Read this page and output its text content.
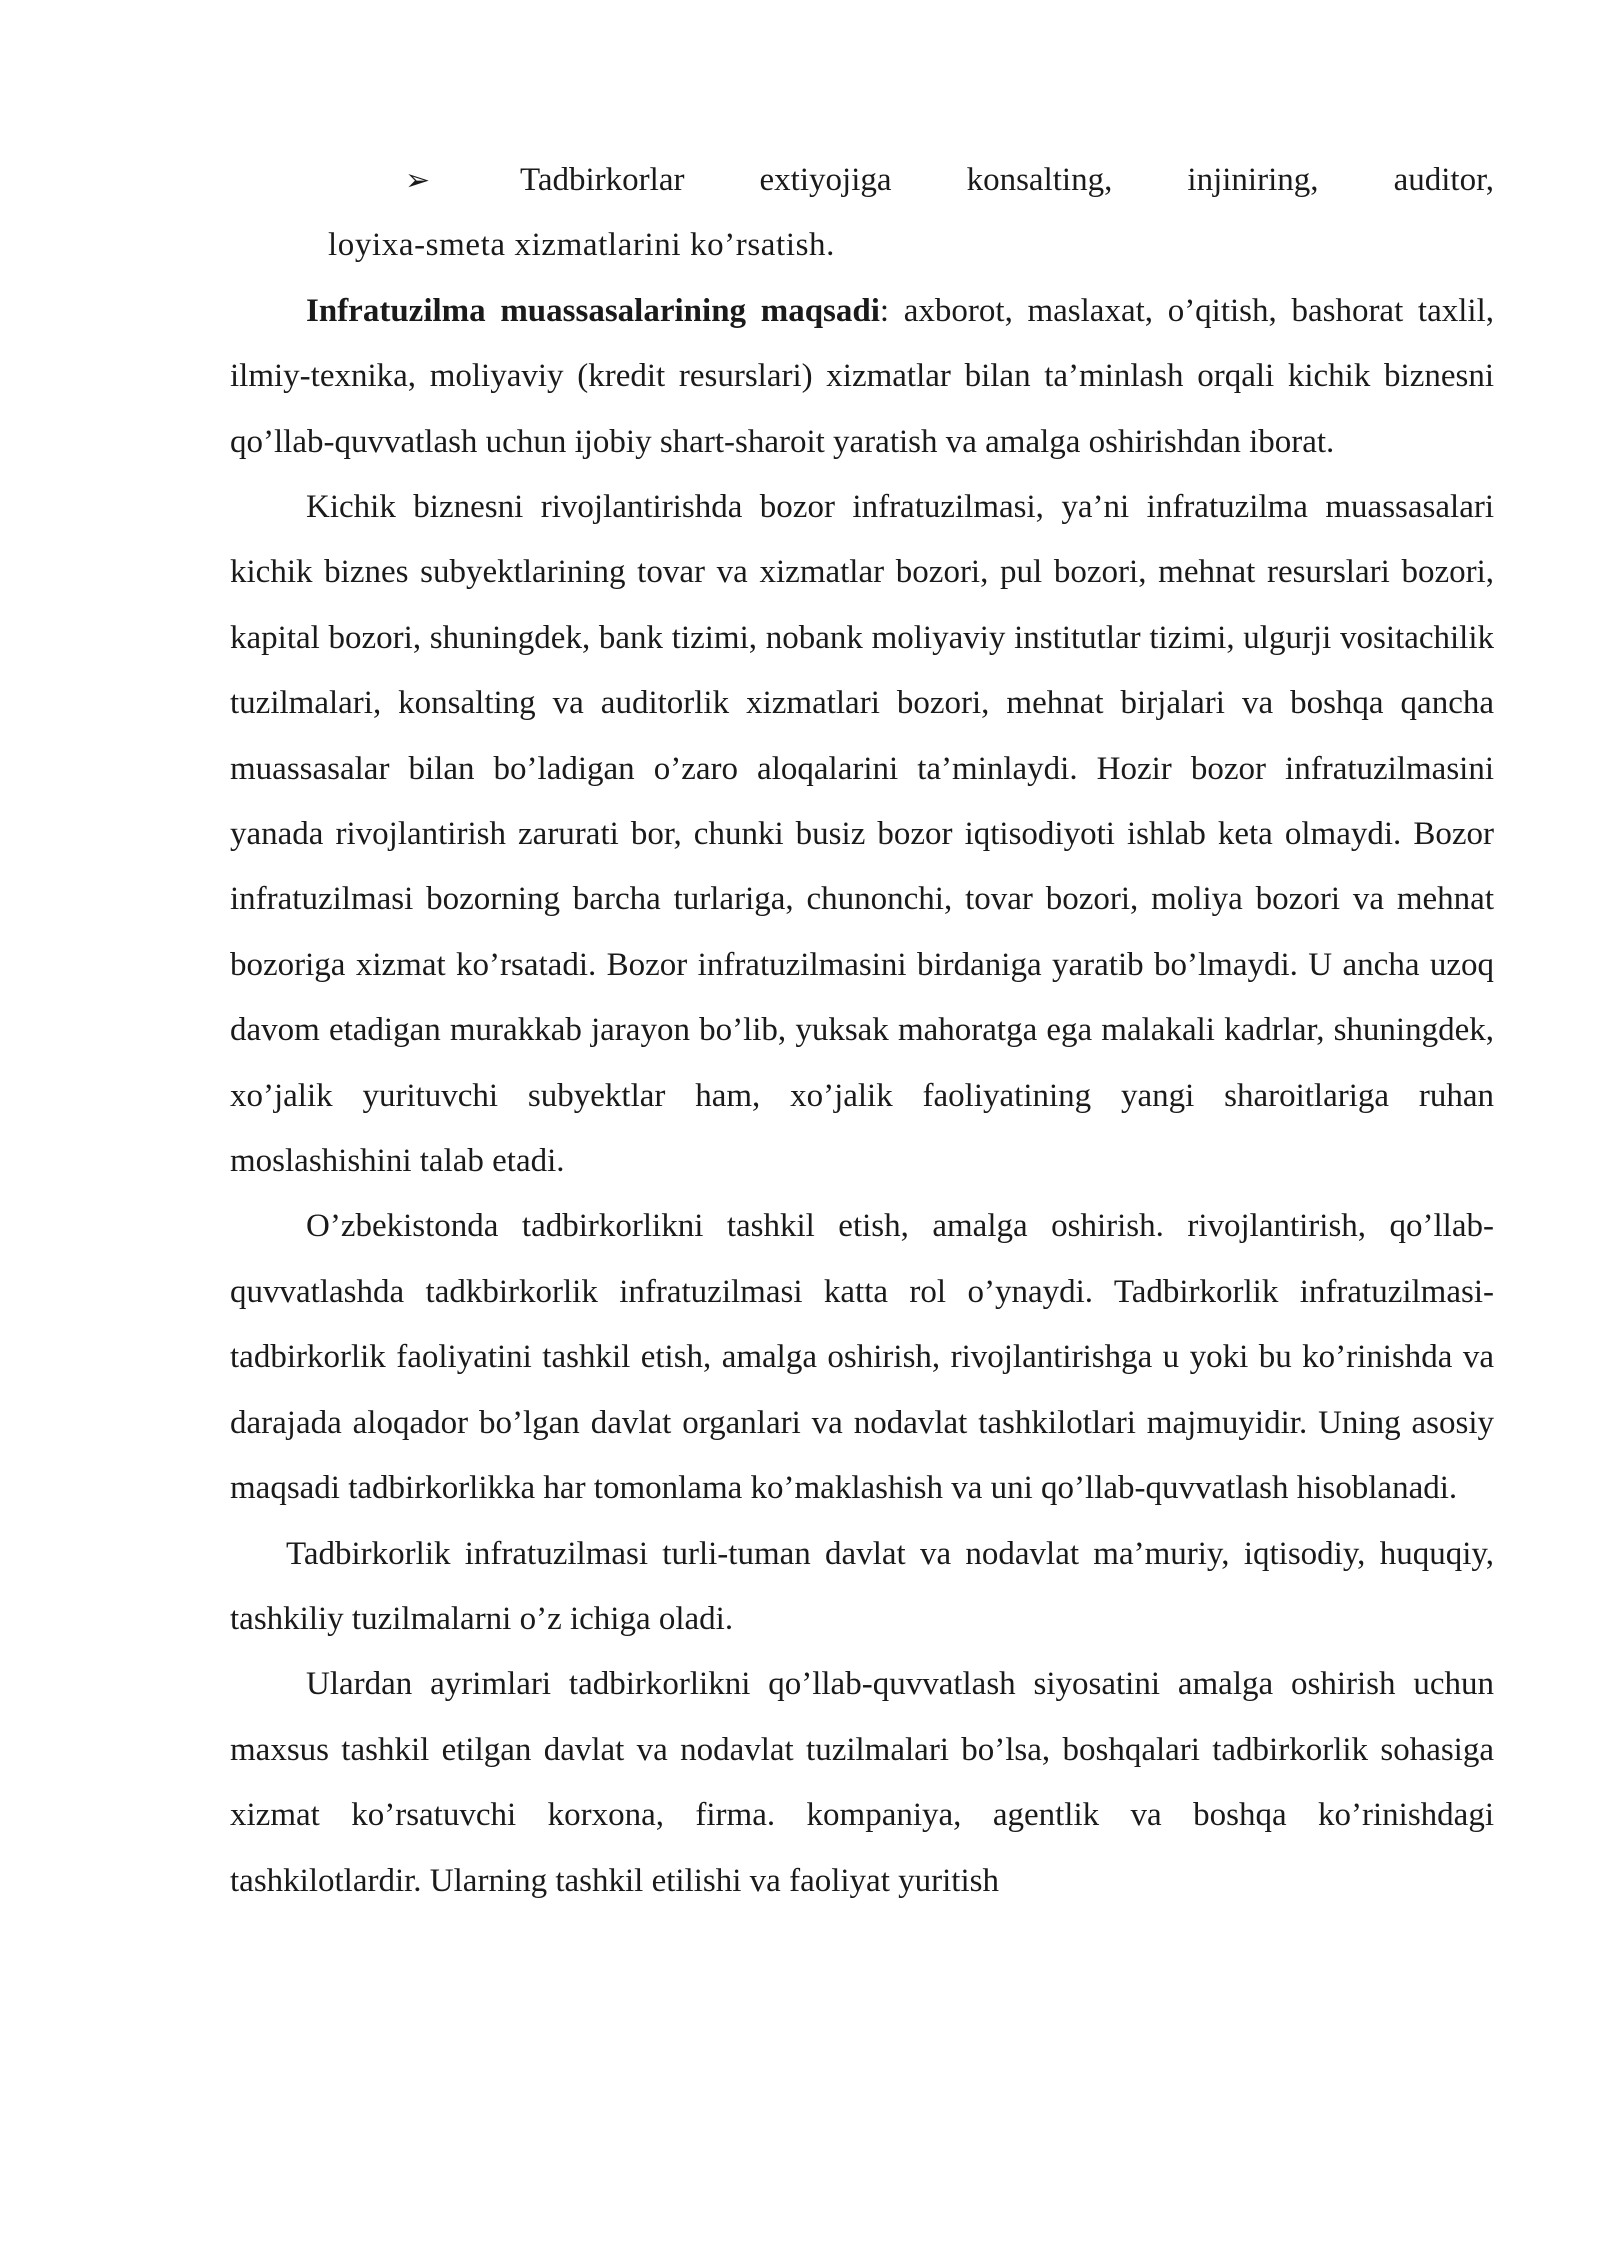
➢	Tadbirkorlar extiyojiga konsalting, injiniring, auditor,
loyixa-smeta xizmatlarini ko’rsatish.

Infratuzilma muassasalarining maqsadi: axborot, maslaxat, o’qitish, bashorat taxlil, ilmiy-texnika, moliyaviy (kredit resurslari) xizmatlar bilan ta’minlash orqali kichik biznesni qo’llab-quvvatlash uchun ijobiy shart-sharoit yaratish va amalga oshirishdan iborat.

Kichik biznesni rivojlantirishda bozor infratuzilmasi, ya’ni infratuzilma muassasalari kichik biznes subyektlarining tovar va xizmatlar bozori, pul bozori, mehnat resurslari bozori, kapital bozori, shuningdek, bank tizimi, nobank moliyaviy institutlar tizimi, ulgurji vositachilik tuzilmalari, konsalting va auditorlik xizmatlari bozori, mehnat birjalari va boshqa qancha muassasalar bilan bo’ladigan o’zaro aloqalarini ta’minlaydi. Hozir bozor infratuzilmasini yanada rivojlantirish zarurati bor, chunki busiz bozor iqtisodiyoti ishlab keta olmaydi. Bozor infratuzilmasi bozorning barcha turlariga, chunonchi, tovar bozori, moliya bozori va mehnat bozoriga xizmat ko’rsatadi. Bozor infratuzilmasini birdaniga yaratib bo’lmaydi. U ancha uzoq davom etadigan murakkab jarayon bo’lib, yuksak mahoratga ega malakali kadrlar, shuningdek, xo’jalik yurituvchi subyektlar ham, xo’jalik faoliyatining yangi sharoitlariga ruhan moslashishini talab etadi.

O’zbekistonda tadbirkorlikni tashkil etish, amalga oshirish. rivojlantirish, qo’llab-quvvatlashda tadkbirkorlik infratuzilmasi katta rol o’ynaydi. Tadbirkorlik infratuzilmasi-tadbirkorlik faoliyatini tashkil etish, amalga oshirish, rivojlantirishga u yoki bu ko’rinishda va darajada aloqador bo’lgan davlat organlari va nodavlat tashkilotlari majmuyidir. Uning asosiy maqsadi tadbirkorlikka har tomonlama ko’maklashish va uni qo’llab-quvvatlash hisoblanadi.

Tadbirkorlik infratuzilmasi turli-tuman davlat va nodavlat ma’muriy, iqtisodiy, huquqiy, tashkiliy tuzilmalarni o’z ichiga oladi.

Ulardan ayrimlari tadbirkorlikni qo’llab-quvvatlash siyosatini amalga oshirish uchun maxsus tashkil etilgan davlat va nodavlat tuzilmalari bo’lsa, boshqalari tadbirkorlik sohasiga xizmat ko’rsatuvchi korxona, firma. kompaniya, agentlik va boshqa ko’rinishdagi tashkilotlardir. Ularning tashkil etilishi va faoliyat yuritish
